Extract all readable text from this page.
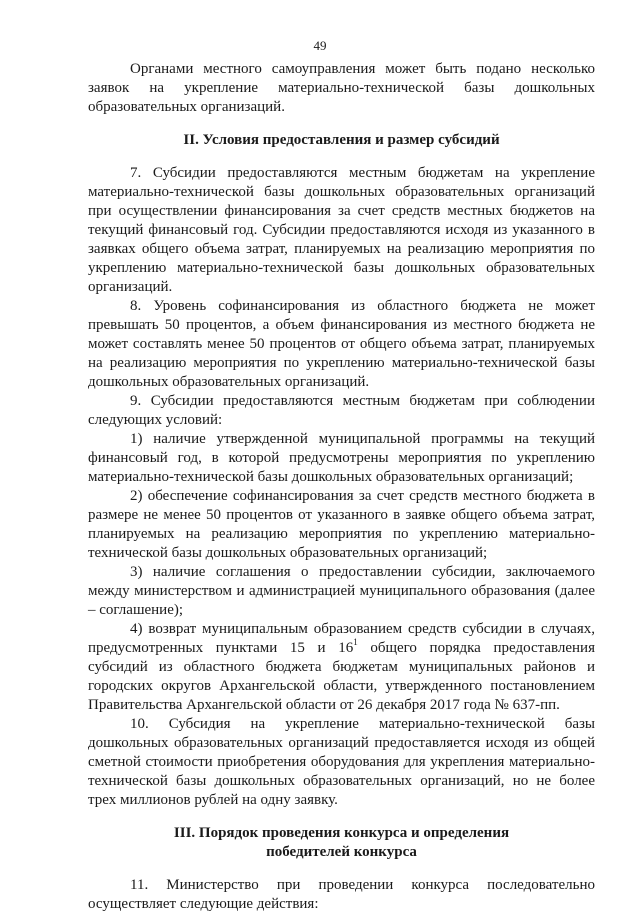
49

Органами местного самоуправления может быть подано несколько заявок на укрепление материально-технической базы дошкольных образовательных организаций.

II. Условия предоставления и размер субсидий

7. Субсидии предоставляются местным бюджетам на укрепление материально-технической базы дошкольных образовательных организаций при осуществлении финансирования за счет средств местных бюджетов на текущий финансовый год. Субсидии предоставляются исходя из указанного в заявках общего объема затрат, планируемых на реализацию мероприятия по укреплению материально-технической базы дошкольных образовательных организаций.

8. Уровень софинансирования из областного бюджета не может превышать 50 процентов, а объем финансирования из местного бюджета не может составлять менее 50 процентов от общего объема затрат, планируемых на реализацию мероприятия по укреплению материально-технической базы дошкольных образовательных организаций.

9. Субсидии предоставляются местным бюджетам при соблюдении следующих условий:

1) наличие утвержденной муниципальной программы на текущий финансовый год, в которой предусмотрены мероприятия по укреплению материально-технической базы дошкольных образовательных организаций;

2) обеспечение софинансирования за счет средств местного бюджета в размере не менее 50 процентов от указанного в заявке общего объема затрат, планируемых на реализацию мероприятия по укреплению материально-технической базы дошкольных образовательных организаций;

3) наличие соглашения о предоставлении субсидии, заключаемого между министерством и администрацией муниципального образования (далее – соглашение);

4) возврат муниципальным образованием средств субсидии в случаях, предусмотренных пунктами 15 и $16^1$ общего порядка предоставления субсидий из областного бюджета бюджетам муниципальных районов и городских округов Архангельской области, утвержденного постановлением Правительства Архангельской области от 26 декабря 2017 года № 637-пп.

10. Субсидия на укрепление материально-технической базы дошкольных образовательных организаций предоставляется исходя из общей сметной стоимости приобретения оборудования для укрепления материально-технической базы дошкольных образовательных организаций, но не более трех миллионов рублей на одну заявку.

III. Порядок проведения конкурса и определения

победителей конкурса

11. Министерство при проведении конкурса последовательно осуществляет следующие действия:
